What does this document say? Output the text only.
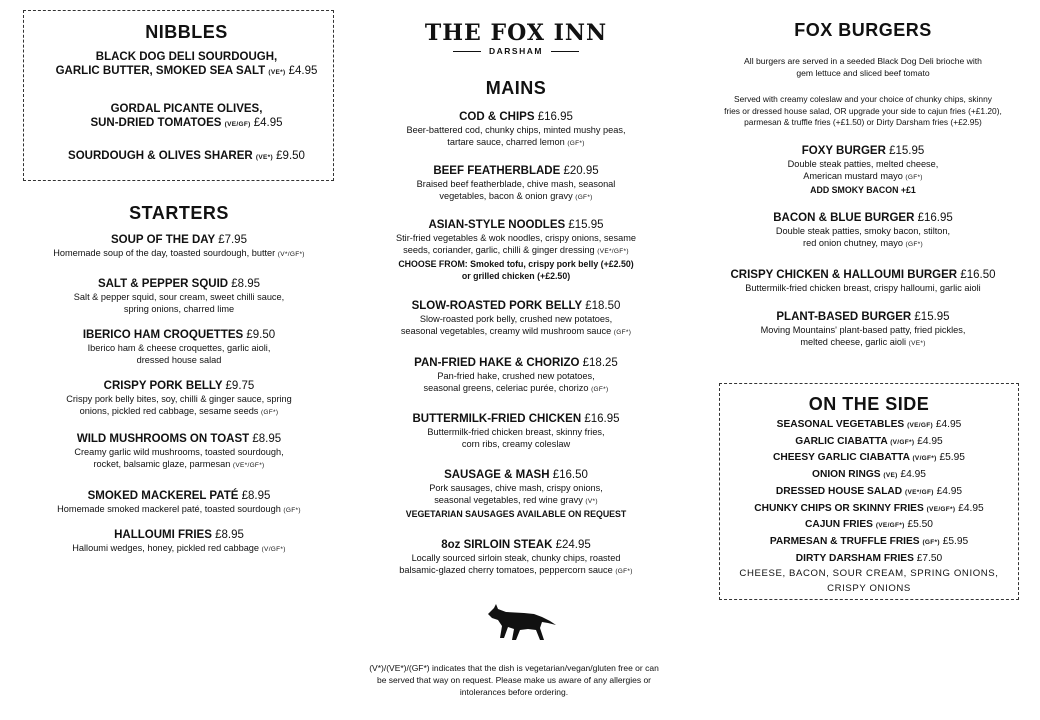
NIBBLES
BLACK DOG DELI SOURDOUGH,
GARLIC BUTTER, SMOKED SEA SALT (VE*) £4.95
GORDAL PICANTE OLIVES,
SUN-DRIED TOMATOES (VE/GF) £4.95
SOURDOUGH & OLIVES SHARER (VE*) £9.50
STARTERS
SOUP OF THE DAY £7.95
Homemade soup of the day, toasted sourdough, butter (V*/GF*)
SALT & PEPPER SQUID £8.95
Salt & pepper squid, sour cream, sweet chilli sauce,
spring onions, charred lime
IBERICO HAM CROQUETTES £9.50
Iberico ham & cheese croquettes, garlic aioli,
dressed house salad
CRISPY PORK BELLY £9.75
Crispy pork belly bites, soy, chilli & ginger sauce, spring
onions, pickled red cabbage, sesame seeds (GF*)
WILD MUSHROOMS ON TOAST £8.95
Creamy garlic wild mushrooms, toasted sourdough,
rocket, balsamic glaze, parmesan (VE*/GF*)
SMOKED MACKEREL PATÉ £8.95
Homemade smoked mackerel paté, toasted sourdough (GF*)
HALLOUMI FRIES £8.95
Halloumi wedges, honey, pickled red cabbage (V/GF*)
THE FOX INN
DARSHAM
MAINS
COD & CHIPS £16.95
Beer-battered cod, chunky chips, minted mushy peas,
tartare sauce, charred lemon (GF*)
BEEF FEATHERBLADE £20.95
Braised beef featherblade, chive mash, seasonal
vegetables, bacon & onion gravy (GF*)
ASIAN-STYLE NOODLES £15.95
Stir-fried vegetables & wok noodles, crispy onions, sesame
seeds, coriander, garlic, chilli & ginger dressing (VE*/GF*)
CHOOSE FROM: Smoked tofu, crispy pork belly (+£2.50)
or grilled chicken (+£2.50)
SLOW-ROASTED PORK BELLY £18.50
Slow-roasted pork belly, crushed new potatoes,
seasonal vegetables, creamy wild mushroom sauce (GF*)
PAN-FRIED HAKE & CHORIZO £18.25
Pan-fried hake, crushed new potatoes,
seasonal greens, celeriac purée, chorizo (GF*)
BUTTERMILK-FRIED CHICKEN £16.95
Buttermilk-fried chicken breast, skinny fries,
corn ribs, creamy coleslaw
SAUSAGE & MASH £16.50
Pork sausages, chive mash, crispy onions,
seasonal vegetables, red wine gravy (V*)
VEGETARIAN SAUSAGES AVAILABLE ON REQUEST
8oz SIRLOIN STEAK £24.95
Locally sourced sirloin steak, chunky chips, roasted
balsamic-glazed cherry tomatoes, peppercorn sauce (GF*)
FOX BURGERS
All burgers are served in a seeded Black Dog Deli brioche with
gem lettuce and sliced beef tomato
Served with creamy coleslaw and your choice of chunky chips, skinny
fries or dressed house salad, OR upgrade your side to cajun fries (+£1.20),
parmesan & truffle fries (+£1.50) or Dirty Darsham fries (+£2.95)
FOXY BURGER £15.95
Double steak patties, melted cheese,
American mustard mayo (GF*)
ADD SMOKY BACON +£1
BACON & BLUE BURGER £16.95
Double steak patties, smoky bacon, stilton,
red onion chutney, mayo (GF*)
CRISPY CHICKEN & HALLOUMI BURGER £16.50
Buttermilk-fried chicken breast, crispy halloumi, garlic aioli
PLANT-BASED BURGER £15.95
Moving Mountains' plant-based patty, fried pickles,
melted cheese, garlic aioli (VE*)
ON THE SIDE
SEASONAL VEGETABLES (VE/GF) £4.95
GARLIC CIABATTA (V/GF*) £4.95
CHEESY GARLIC CIABATTA (V/GF*) £5.95
ONION RINGS (VE) £4.95
DRESSED HOUSE SALAD (VE*/GF) £4.95
CHUNKY CHIPS OR SKINNY FRIES (VE/GF*) £4.95
CAJUN FRIES (VE/GF*) £5.50
PARMESAN & TRUFFLE FRIES (GF*) £5.95
DIRTY DARSHAM FRIES £7.50
CHEESE, BACON, SOUR CREAM, SPRING ONIONS,
CRISPY ONIONS
(V*)/(VE*)/(GF*) indicates that the dish is vegetarian/vegan/gluten free or can
be served that way on request. Please make us aware of any allergies or
intolerances before ordering.
